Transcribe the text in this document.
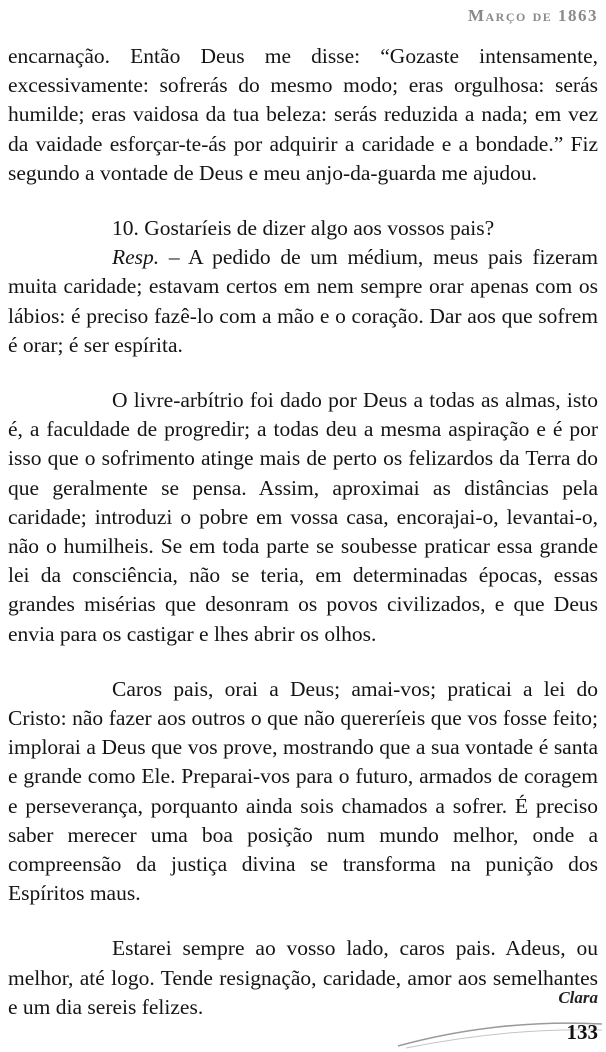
Março de 1863

encarnação. Então Deus me disse: “Gozaste intensamente, excessivamente: sofrerás do mesmo modo; eras orgulhosa: serás humilde; eras vaidosa da tua beleza: serás reduzida a nada; em vez da vaidade esforçar-te-ás por adquirir a caridade e a bondade.” Fiz segundo a vontade de Deus e meu anjo-da-guarda me ajudou.

10. Gostaríeis de dizer algo aos vossos pais?

Resp. – A pedido de um médium, meus pais fizeram muita caridade; estavam certos em nem sempre orar apenas com os lábios: é preciso fazê-lo com a mão e o coração. Dar aos que sofrem é orar; é ser espírita.

O livre-arbítrio foi dado por Deus a todas as almas, isto é, a faculdade de progredir; a todas deu a mesma aspiração e é por isso que o sofrimento atinge mais de perto os felizardos da Terra do que geralmente se pensa. Assim, aproximai as distâncias pela caridade; introduzi o pobre em vossa casa, encorajai-o, levantai-o, não o humilheis. Se em toda parte se soubesse praticar essa grande lei da consciência, não se teria, em determinadas épocas, essas grandes misérias que desonram os povos civilizados, e que Deus envia para os castigar e lhes abrir os olhos.

Caros pais, orai a Deus; amai-vos; praticai a lei do Cristo: não fazer aos outros o que não quereríeis que vos fosse feito; implorai a Deus que vos prove, mostrando que a sua vontade é santa e grande como Ele. Preparai-vos para o futuro, armados de coragem e perseverança, porquanto ainda sois chamados a sofrer. É preciso saber merecer uma boa posição num mundo melhor, onde a compreensão da justiça divina se transforma na punição dos Espíritos maus.

Estarei sempre ao vosso lado, caros pais. Adeus, ou melhor, até logo. Tende resignação, caridade, amor aos semelhantes e um dia sereis felizes.	Clara
133
